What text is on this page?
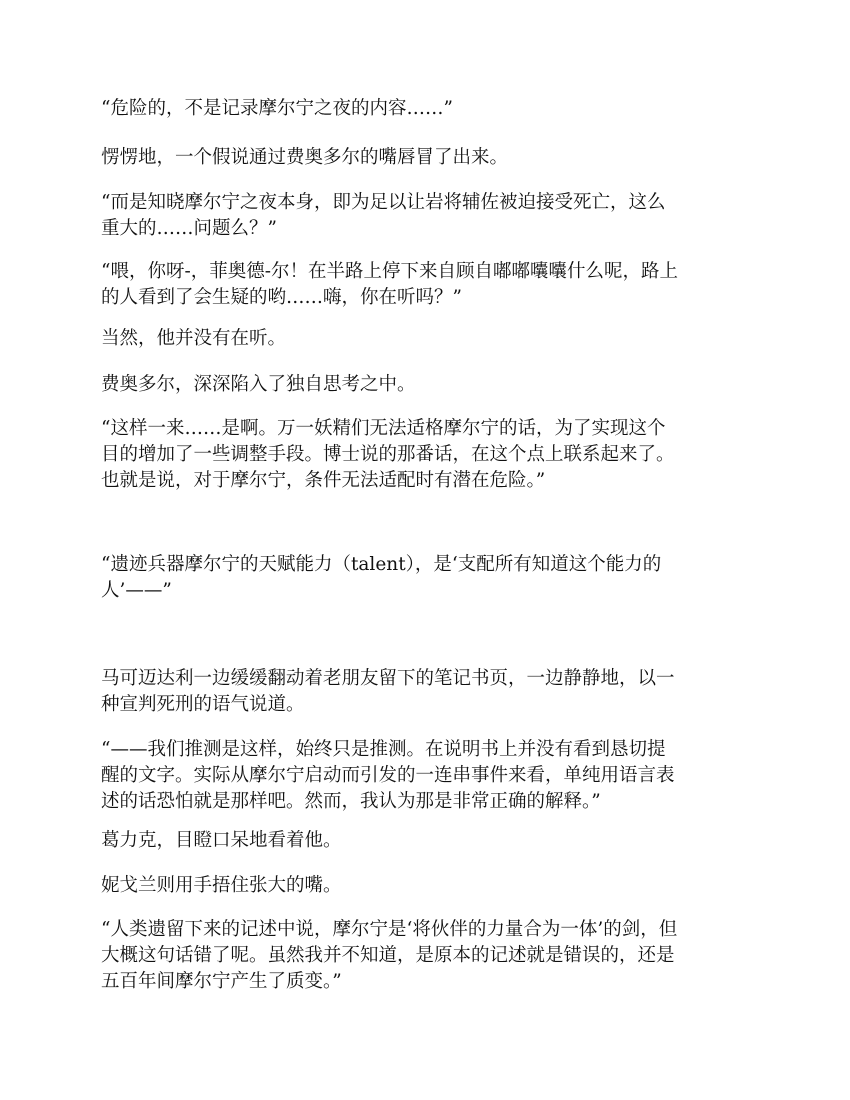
“危险的，不是记录摩尔宁之夜的内容……”

愣愣地，一个假说通过费奥多尔的嘴唇冒了出来。

“而是知晓摩尔宁之夜本身，即为足以让岩将辅佐被迫接受死亡，这么
重大的……问题么？”

“喂，你呀-，菲奥德-尔！在半路上停下来自顾自嘟嘟囔囔什么呢，路上
的人看到了会生疑的哟……嗨，你在听吗？”

当然，他并没有在听。

费奥多尔，深深陷入了独自思考之中。

“这样一来……是啊。万一妖精们无法适格摩尔宁的话，为了实现这个
目的增加了一些调整手段。博士说的那番话，在这个点上联系起来了。
也就是说，对于摩尔宁，条件无法适配时有潜在危险。”

“遗迹兵器摩尔宁的天赋能力（talent），是‘支配所有知道这个能力的
人’——”

马可迈达利一边缓缓翻动着老朋友留下的笔记书页，一边静静地，以一
种宣判死刑的语气说道。

“——我们推测是这样，始终只是推测。在说明书上并没有看到恳切提
醒的文字。实际从摩尔宁启动而引发的一连串事件来看，单纯用语言表
述的话恐怕就是那样吧。然而，我认为那是非常正确的解释。”

葛力克，目瞪口呆地看着他。

妮戈兰则用手捂住张大的嘴。

“人类遗留下来的记述中说，摩尔宁是‘将伙伴的力量合为一体’的剑，但
大概这句话错了呢。虽然我并不知道，是原本的记述就是错误的，还是
五百年间摩尔宁产生了质变。”
